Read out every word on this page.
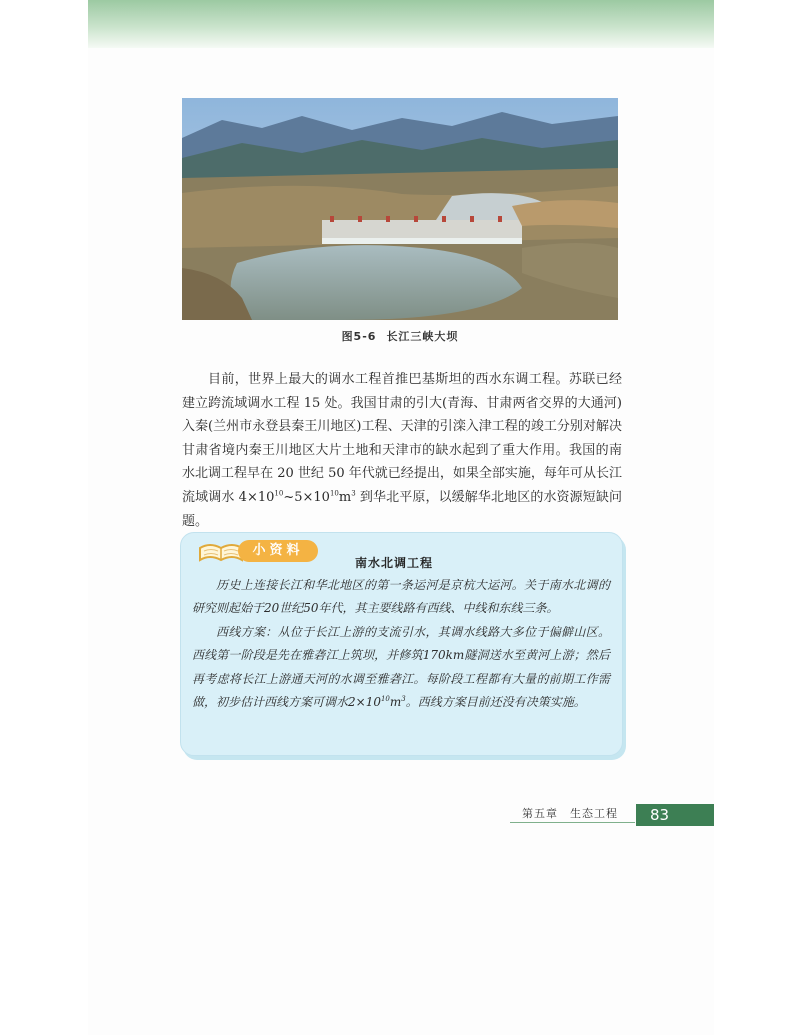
图5-6 长江三峡大坝
目前，世界上最大的调水工程首推巴基斯坦的西水东调工程。苏联已经建立跨流域调水工程 15 处。我国甘肃的引大(青海、甘肃两省交界的大通河)入秦(兰州市永登县秦王川地区)工程、天津的引滦入津工程的竣工分别对解决甘肃省境内秦王川地区大片土地和天津市的缺水起到了重大作用。我国的南水北调工程早在 20 世纪 50 年代就已经提出，如果全部实施，每年可从长江流域调水 $4\times 10^{10}\sim 5\times 10^{10}m^3$ 到华北平原，以缓解华北地区的水资源短缺问题。
小资料
南水北调工程

历史上连接长江和华北地区的第一条运河是京杭大运河。关于南水北调的研究则起始于20世纪50年代，其主要线路有西线、中线和东线三条。

西线方案：从位于长江上游的支流引水，其调水线路大多位于偏僻山区。西线第一阶段是先在雅砻江上筑坝，并修筑170km隧洞送水至黄河上游；然后再考虑将长江上游通天河的水调至雅砻江。每阶段工程都有大量的前期工作需做，初步估计西线方案可调水$2\times 10^{10}m^3$。西线方案目前还没有决策实施。

第五章　生态工程	83
